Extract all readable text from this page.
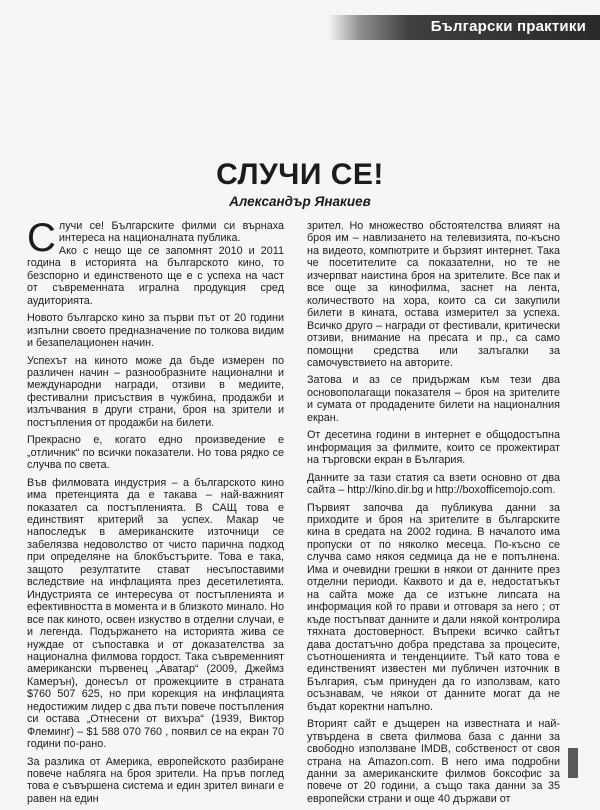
Български практики
СЛУЧИ СЕ!
Александър Янакиев
С лучи се! Българските филми си върнаха интереса на националната публика.
Ако с нещо ще се запомнят 2010 и 2011 година в историята на българското кино, то безспорно и единственото ще е с успеха на част от съвременната игрална продукция сред аудиторията.

Новото българско кино за първи път от 20 години изпълни своето предназначение по толкова видим и безапелационен начин.

Успехът на киното може да бъде измерен по различен начин – разнообразните национални и международни награди, отзиви в медиите, фестивални присъствия в чужбина, продажби и излъчвания в други страни, броя на зрители и постъпления от продажби на билети.

Прекрасно е, когато едно произведение е „отличник“ по всички показатели. Но това рядко се случва по света.

Във филмовата индустрия – а българското кино има претенцията да е такава – най-важният показател са постъпленията. В САЩ това е единствият критерий за успех. Макар че напоследък в американските източници се забелязва недоволство от чисто парична подход при определяне на блокбъстърите. Това е така, защото резултатите стават несъпоставими вследствие на инфлацията през десетилетията. Индустрията се интересува от постъпленията и ефективността в момента и в близкото минало. Но все пак киното, освен изкуство в отделни случаи, е и легенда. Подържането на историята жива се нуждае от съпоставка и от доказателства за национална филмова гордост. Така съвременният американски първенец „Аватар“ (2009, Джеймз Камерън), донесъл от прожекциите в страната $760 507 625, но при корекция на инфлацията недостижим лидер с два пъти повече постъпления си остава „Отнесени от вихъра“ (1939, Виктор Флеминг) – $1 588 070 760 , появил се на екран 70 години по-рано.

За разлика от Америка, европейското разбиране повече наблягa на броя зрители. На пръв поглед това е съвършена система и един зрител винаги е равен на един

зрител. Но множество обстоятелства влияят на броя им – навлизането на телевизията, по-късно на видеото, компютрите и бързият интернет. Така че посетителите са показателни, но те не изчерпват наистина броя на зрителите. Все пак и все още за кинофилма, заснет на лента, количеството на хора, които са си закупили билети в кината, остава измерител за успеха. Всичко друго – награди от фестивали, критически отзиви, внимание на пресата и пр., са само помощни средства или залъгалки за самочувствието на авторите.

Затова и аз се придържам към тези два основополагащи показателя – броя на зрителите и сумата от продадените билети на националния екран.

От десетина години в интернет е общодостъпна информация за филмите, които се прожектират на търговски екран в България.

Данните за тази статия са взети основно от два сайта – http://kino.dir.bg и http://boxofficemojo.com.

Първият започва да публикува данни за приходите и броя на зрителите в българските кина в средата на 2002 година. В началото има пропуски от по няколко месеца. По-късно се случва само някоя седмица да не е попълнена. Има и очевидни грешки в някои от данните през отделни периоди. Каквото и да е, недостатъкът на сайта може да се изтъкне липсата на информация кой го прави и отговаря за него ; от къде постъпват данните и дали някой контролира тяхната достоверност. Въпреки всичко сайтът дава достатъчно добра представа за процесите, съотношенията и тенденциите. Тъй като това е единственият известен ми публичен източник в България, съм принуден да го използвам, като осъзнавам, че някои от данните могат да не бъдат коректни напълно.

Вторият сайт е дъщерен на известната и най-утвърдена в света филмова база с данни за свободно използване IMDB, собственост от своя страна на Amazon.com. В него има подробни данни за американските филмов боксофис за повече от 20 години, а също така данни за 35 европейски страни и още 40 държави от
